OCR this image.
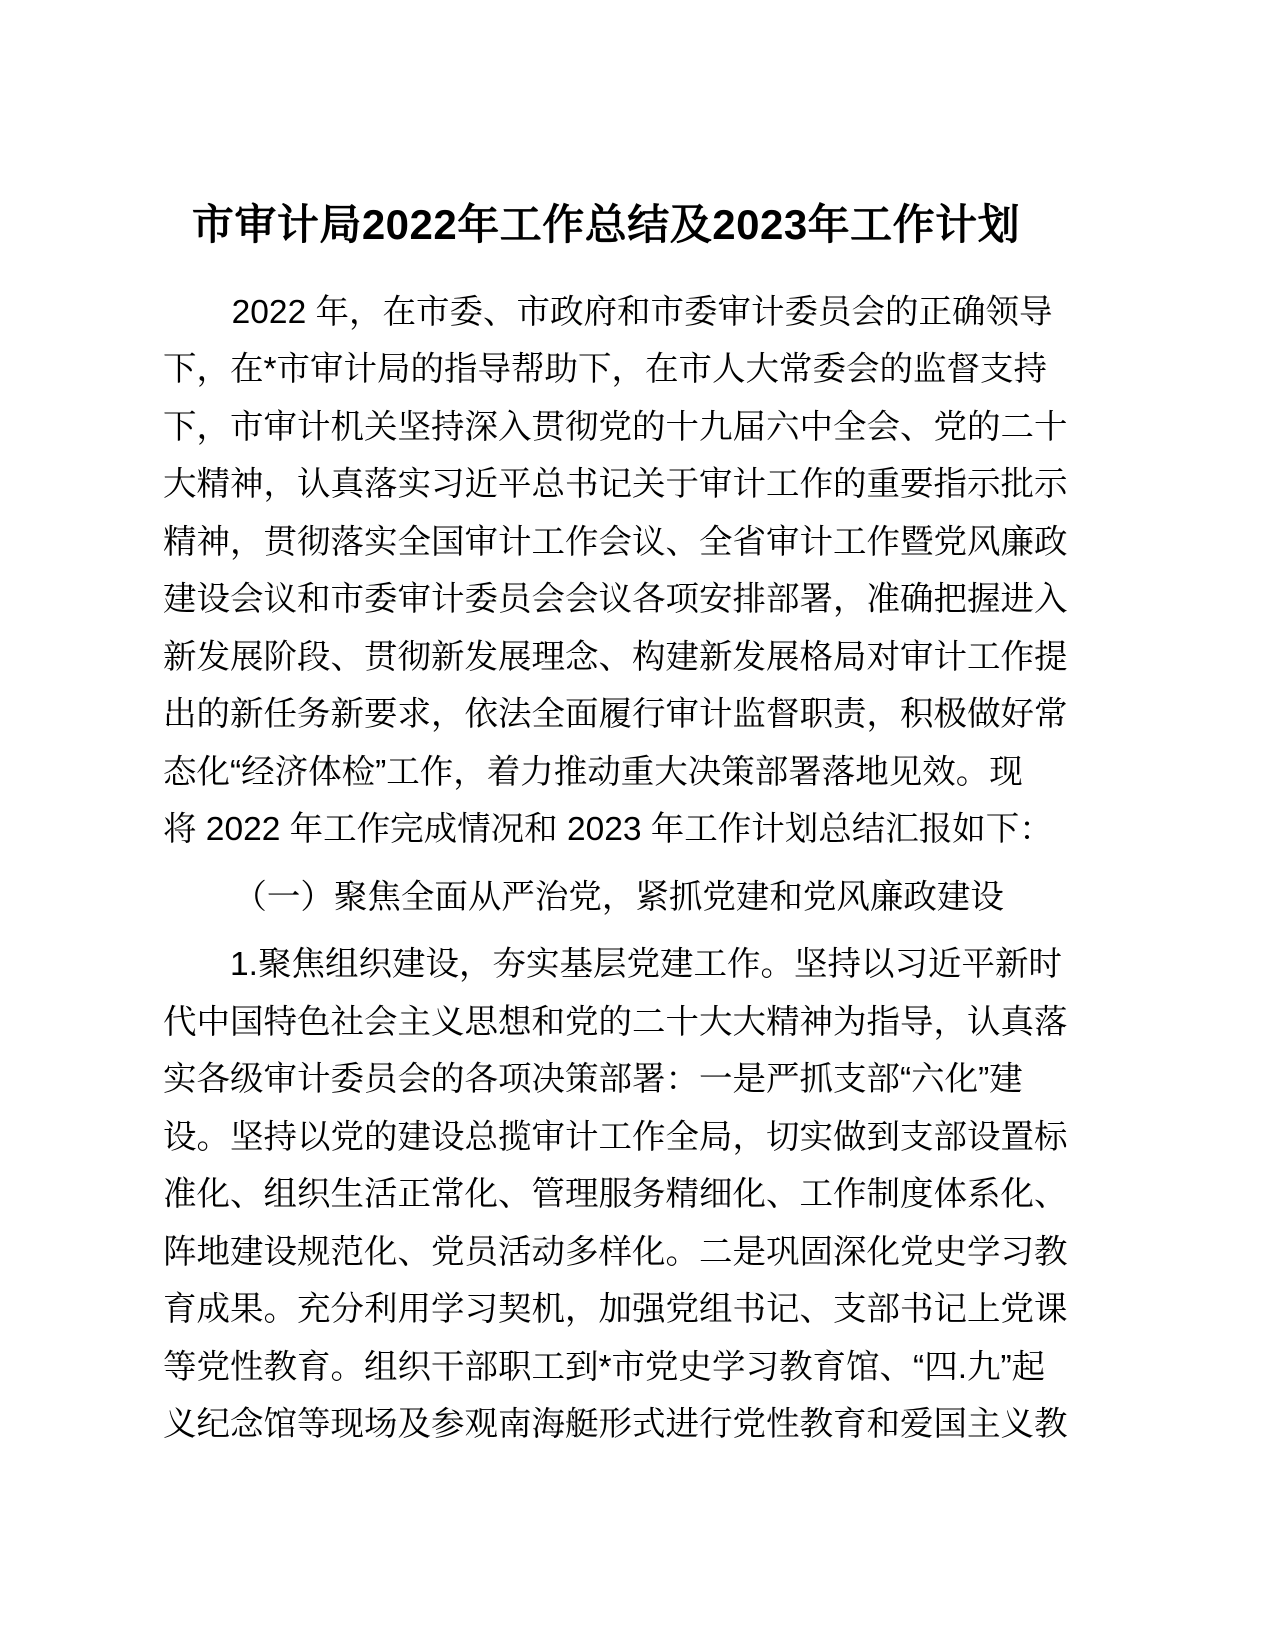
市审计局2022年工作总结及2023年工作计划

2022 年，在市委、市政府和市委审计委员会的正确领导
下，在*市审计局的指导帮助下，在市人大常委会的监督支持
下，市审计机关坚持深入贯彻党的十九届六中全会、党的二十
大精神，认真落实习近平总书记关于审计工作的重要指示批示
精神，贯彻落实全国审计工作会议、全省审计工作暨党风廉政
建设会议和市委审计委员会会议各项安排部署，准确把握进入
新发展阶段、贯彻新发展理念、构建新发展格局对审计工作提
出的新任务新要求，依法全面履行审计监督职责，积极做好常
态化“经济体检”工作，着力推动重大决策部署落地见效。现
将 2022 年工作完成情况和 2023 年工作计划总结汇报如下：

（一）聚焦全面从严治党，紧抓党建和党风廉政建设

1.聚焦组织建设，夯实基层党建工作。坚持以习近平新时
代中国特色社会主义思想和党的二十大大精神为指导，认真落
实各级审计委员会的各项决策部署：一是严抓支部“六化”建
设。坚持以党的建设总揽审计工作全局，切实做到支部设置标
准化、组织生活正常化、管理服务精细化、工作制度体系化、
阵地建设规范化、党员活动多样化。二是巩固深化党史学习教
育成果。充分利用学习契机，加强党组书记、支部书记上党课
等党性教育。组织干部职工到*市党史学习教育馆、“四.九”起
义纪念馆等现场及参观南海艇形式进行党性教育和爱国主义教
